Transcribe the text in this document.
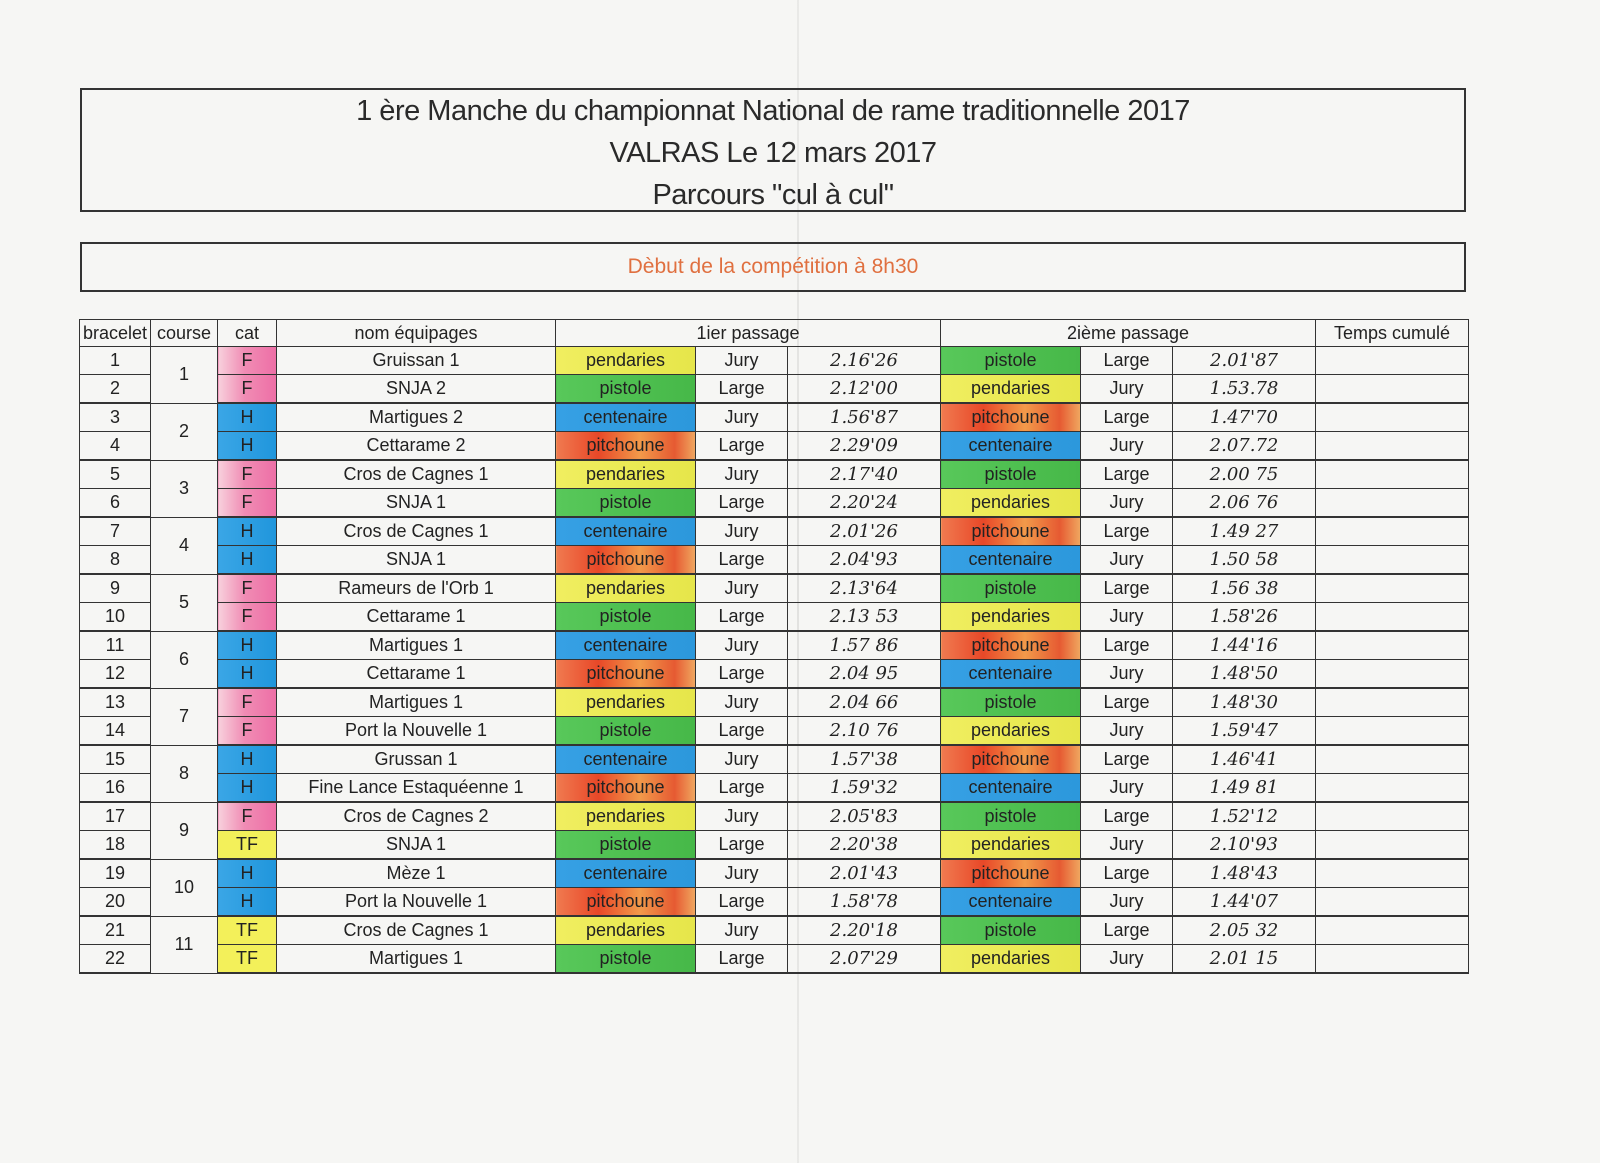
1 ère Manche du championnat National de rame traditionnelle 2017
VALRAS Le 12 mars 2017
Parcours "cul à cul"
Dèbut de la compétition à 8h30
bracelet	course	cat	nom équipages	1ier passage			2ième passage			Temps cumulé
1	1	F	Gruissan 1	pendaries	Jury	2.16'26	pistole	Large	2.01'87	
2		F	SNJA 2	pistole	Large	2.12'00	pendaries	Jury	1.53.78	
3	2	H	Martigues 2	centenaire	Jury	1.56'87	pitchoune	Large	1.47'70	
4		H	Cettarame 2	pitchoune	Large	2.29'09	centenaire	Jury	2.07.72	
5	3	F	Cros de Cagnes 1	pendaries	Jury	2.17'40	pistole	Large	2.00 75	
6		F	SNJA 1	pistole	Large	2.20'24	pendaries	Jury	2.06 76	
7	4	H	Cros de Cagnes 1	centenaire	Jury	2.01'26	pitchoune	Large	1.49 27	
8		H	SNJA 1	pitchoune	Large	2.04'93	centenaire	Jury	1.50 58	
9	5	F	Rameurs de l'Orb 1	pendaries	Jury	2.13'64	pistole	Large	1.56 38	
10		F	Cettarame 1	pistole	Large	2.13 53	pendaries	Jury	1.58'26	
11	6	H	Martigues 1	centenaire	Jury	1.57 86	pitchoune	Large	1.44'16	
12		H	Cettarame 1	pitchoune	Large	2.04 95	centenaire	Jury	1.48'50	
13	7	F	Martigues 1	pendaries	Jury	2.04 66	pistole	Large	1.48'30	
14		F	Port la Nouvelle 1	pistole	Large	2.10 76	pendaries	Jury	1.59'47	
15	8	H	Grussan 1	centenaire	Jury	1.57'38	pitchoune	Large	1.46'41	
16		H	Fine Lance Estaquéenne 1	pitchoune	Large	1.59'32	centenaire	Jury	1.49 81	
17	9	F	Cros de Cagnes 2	pendaries	Jury	2.05'83	pistole	Large	1.52'12	
18		TF	SNJA 1	pistole	Large	2.20'38	pendaries	Jury	2.10'93	
19	10	H	Mèze 1	centenaire	Jury	2.01'43	pitchoune	Large	1.48'43	
20		H	Port la Nouvelle 1	pitchoune	Large	1.58'78	centenaire	Jury	1.44'07	
21	11	TF	Cros de Cagnes 1	pendaries	Jury	2.20'18	pistole	Large	2.05 32	
22		TF	Martigues 1	pistole	Large	2.07'29	pendaries	Jury	2.01 15	
